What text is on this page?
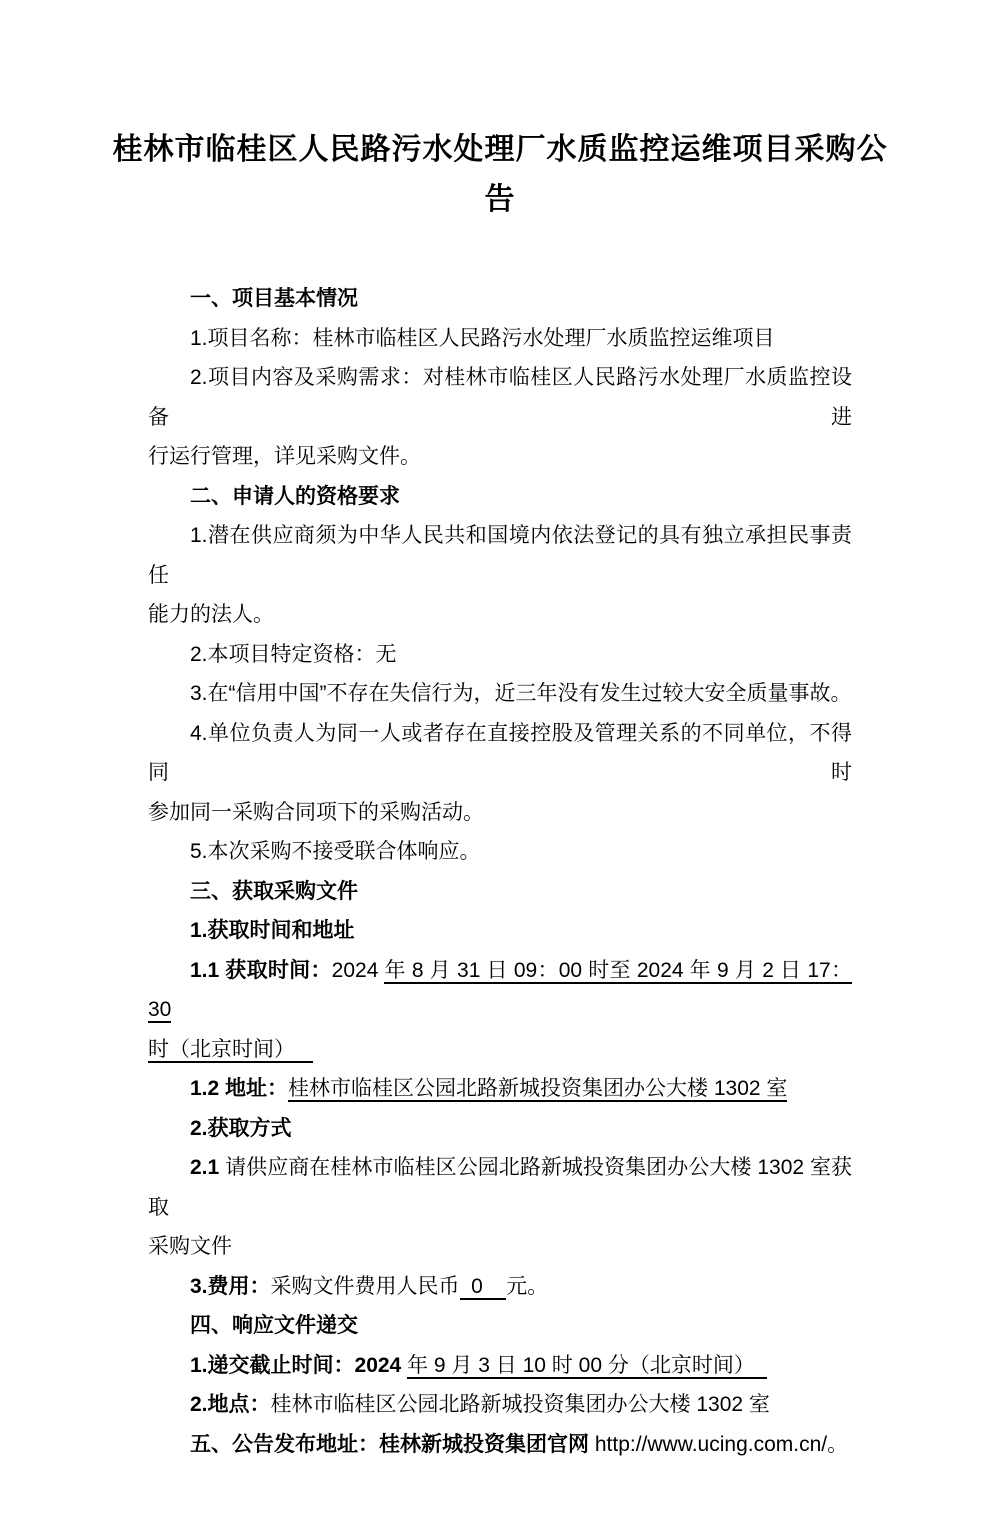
桂林市临桂区人民路污水处理厂水质监控运维项目采购公
告
一、项目基本情况
1.项目名称：桂林市临桂区人民路污水处理厂水质监控运维项目
2.项目内容及采购需求：对桂林市临桂区人民路污水处理厂水质监控设备进
行运行管理，详见采购文件。
二、申请人的资格要求
1.潜在供应商须为中华人民共和国境内依法登记的具有独立承担民事责任
能力的法人。
2.本项目特定资格：无
3.在“信用中国”不存在失信行为，近三年没有发生过较大安全质量事故。
4.单位负责人为同一人或者存在直接控股及管理关系的不同单位，不得同时
参加同一采购合同项下的采购活动。
5.本次采购不接受联合体响应。
三、获取采购文件
1.获取时间和地址
1.1 获取时间：2024 年 8 月 31 日 09：00 时至 2024 年 9 月 2 日 17：30
时（北京时间）
1.2 地址：桂林市临桂区公园北路新城投资集团办公大楼 1302 室
2.获取方式
2.1 请供应商在桂林市临桂区公园北路新城投资集团办公大楼 1302 室获取
采购文件
3.费用：采购文件费用人民币  0    元。
四、响应文件递交
1.递交截止时间：2024 年 9 月 3 日 10 时 00 分（北京时间）
2.地点：桂林市临桂区公园北路新城投资集团办公大楼 1302 室
五、公告发布地址：桂林新城投资集团官网 http://www.ucing.com.cn/。
